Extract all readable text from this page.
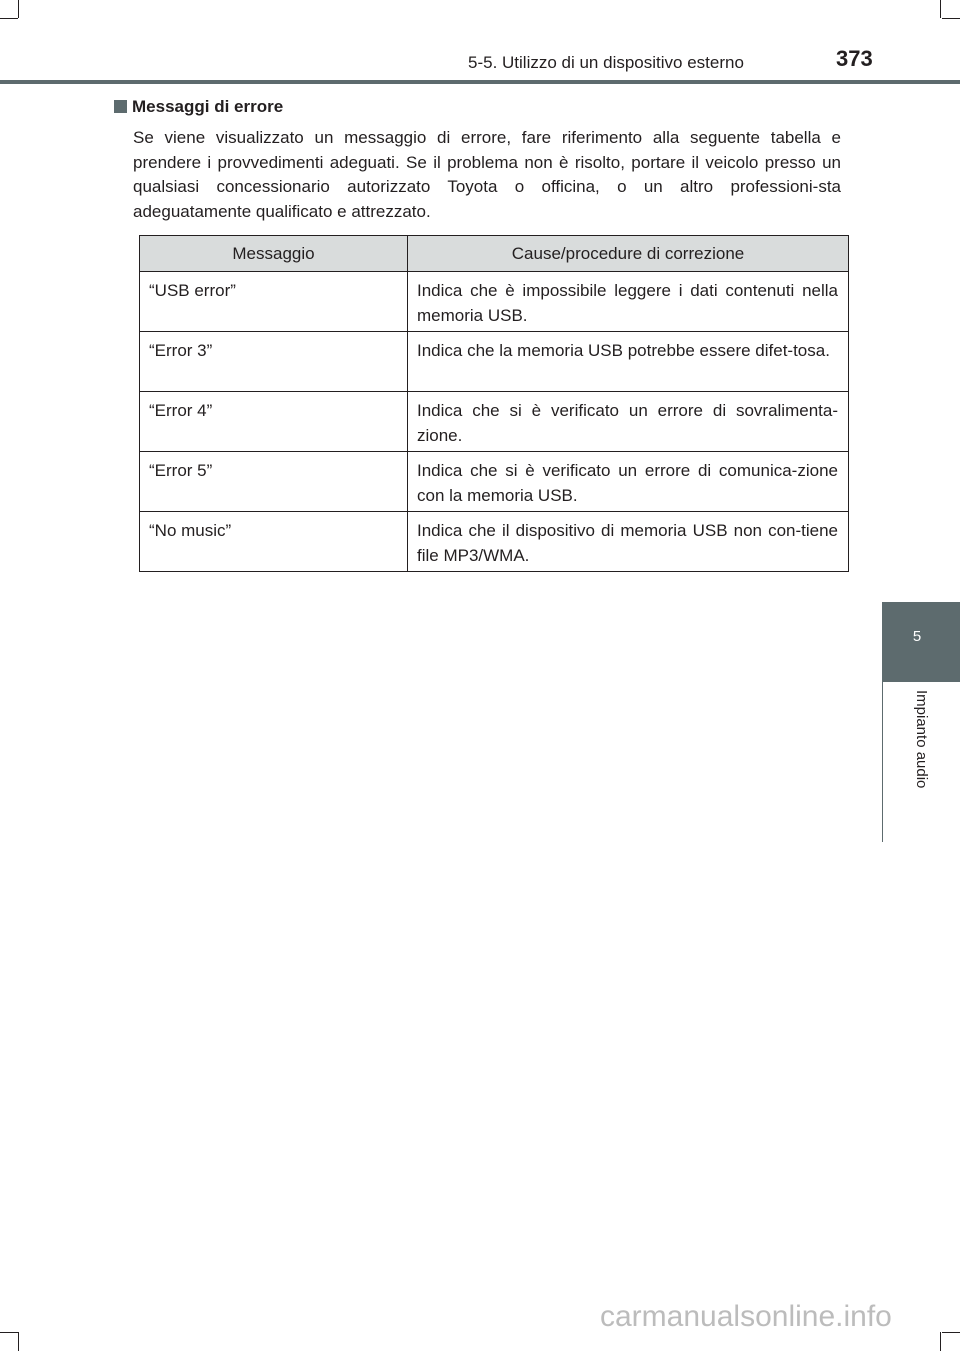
5-5. Utilizzo di un dispositivo esterno	373
5
Impianto audio
Messaggi di errore
Se viene visualizzato un messaggio di errore, fare riferimento alla seguente tabella e prendere i provvedimenti adeguati. Se il problema non è risolto, portare il veicolo presso un qualsiasi concessionario autorizzato Toyota o officina, o un altro professioni-sta adeguatamente qualificato e attrezzato.
Messaggio	Cause/procedure di correzione
“USB error”	Indica che è impossibile leggere i dati contenuti nella memoria USB.
“Error 3”	Indica che la memoria USB potrebbe essere difet-tosa.
“Error 4”	Indica che si è verificato un errore di sovralimenta-zione.
“Error 5”	Indica che si è verificato un errore di comunica-zione con la memoria USB.
“No music”	Indica che il dispositivo di memoria USB non con-tiene file MP3/WMA.
carmanualsonline.info
